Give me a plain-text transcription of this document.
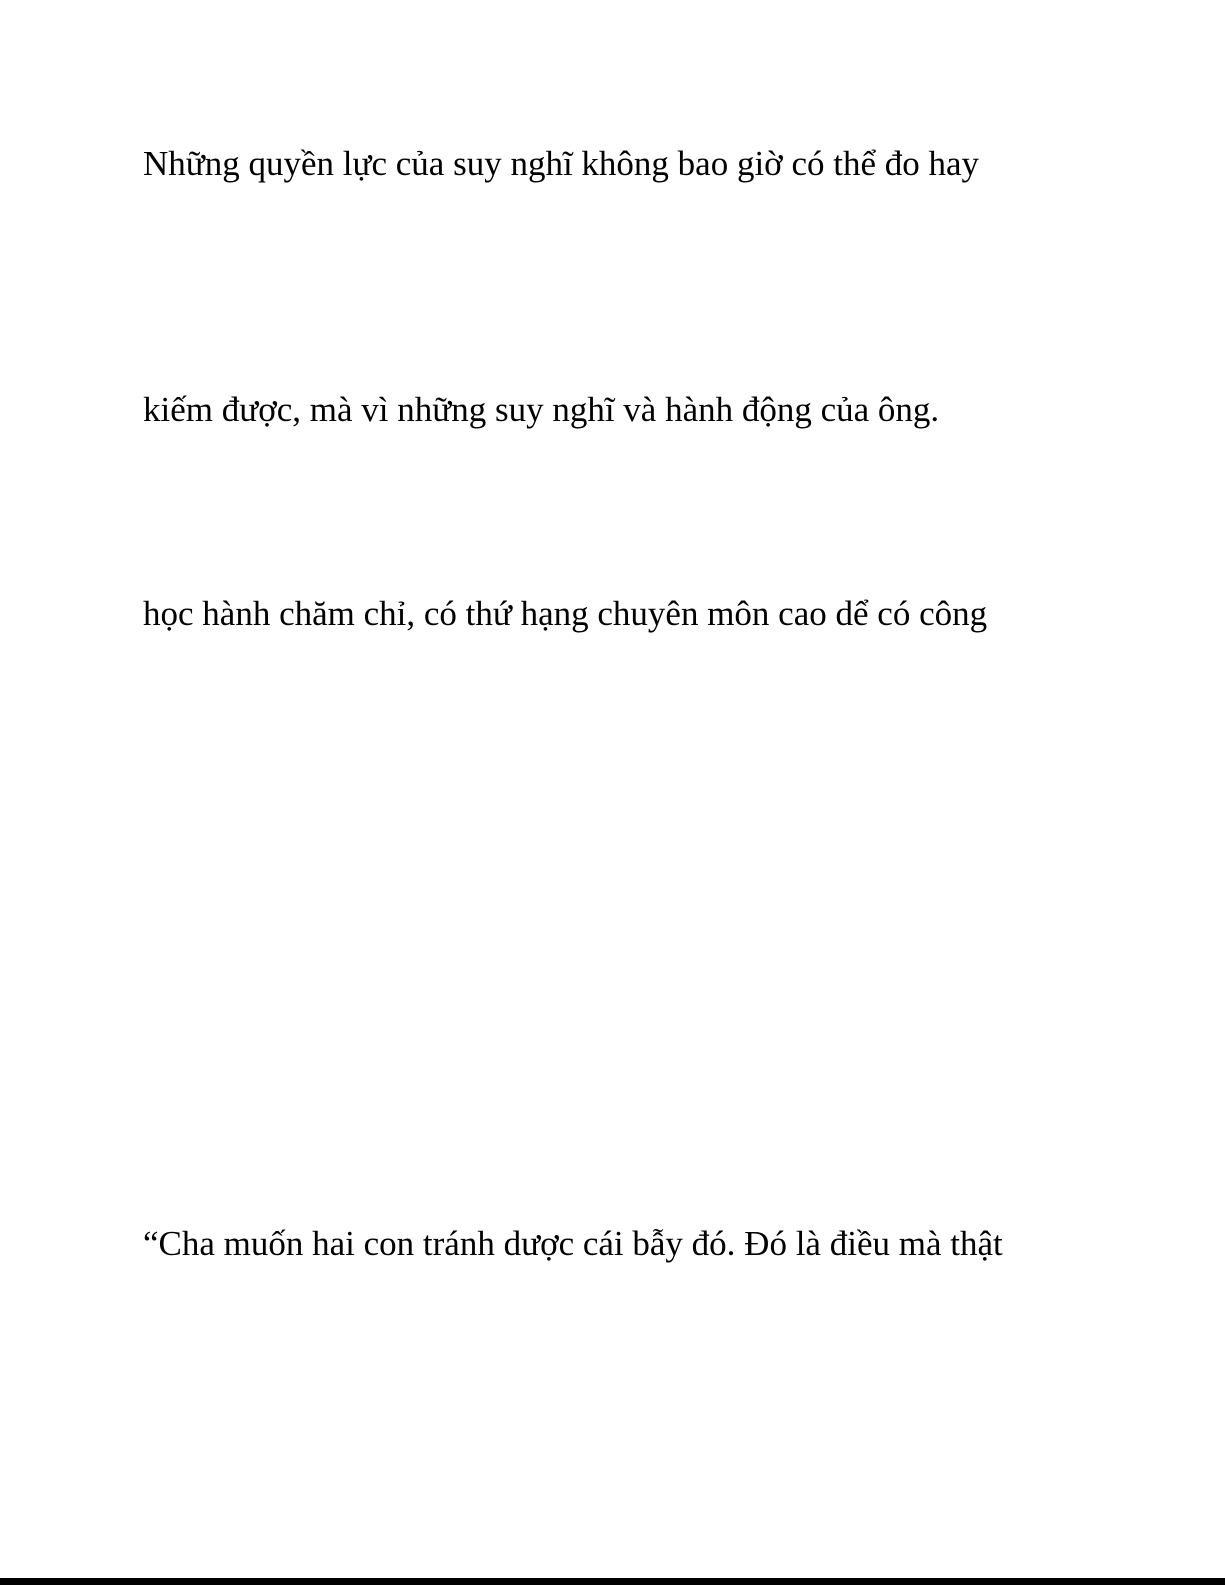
Những quyền lực của suy nghĩ không bao giờ có thể đo hay

kiếm được, mà vì những suy nghĩ và hành động của ông.

học hành chăm chỉ, có thứ hạng chuyên môn cao dể có công

“Cha muốn hai con tránh dược cái bẫy đó. Đó là điều mà thật
